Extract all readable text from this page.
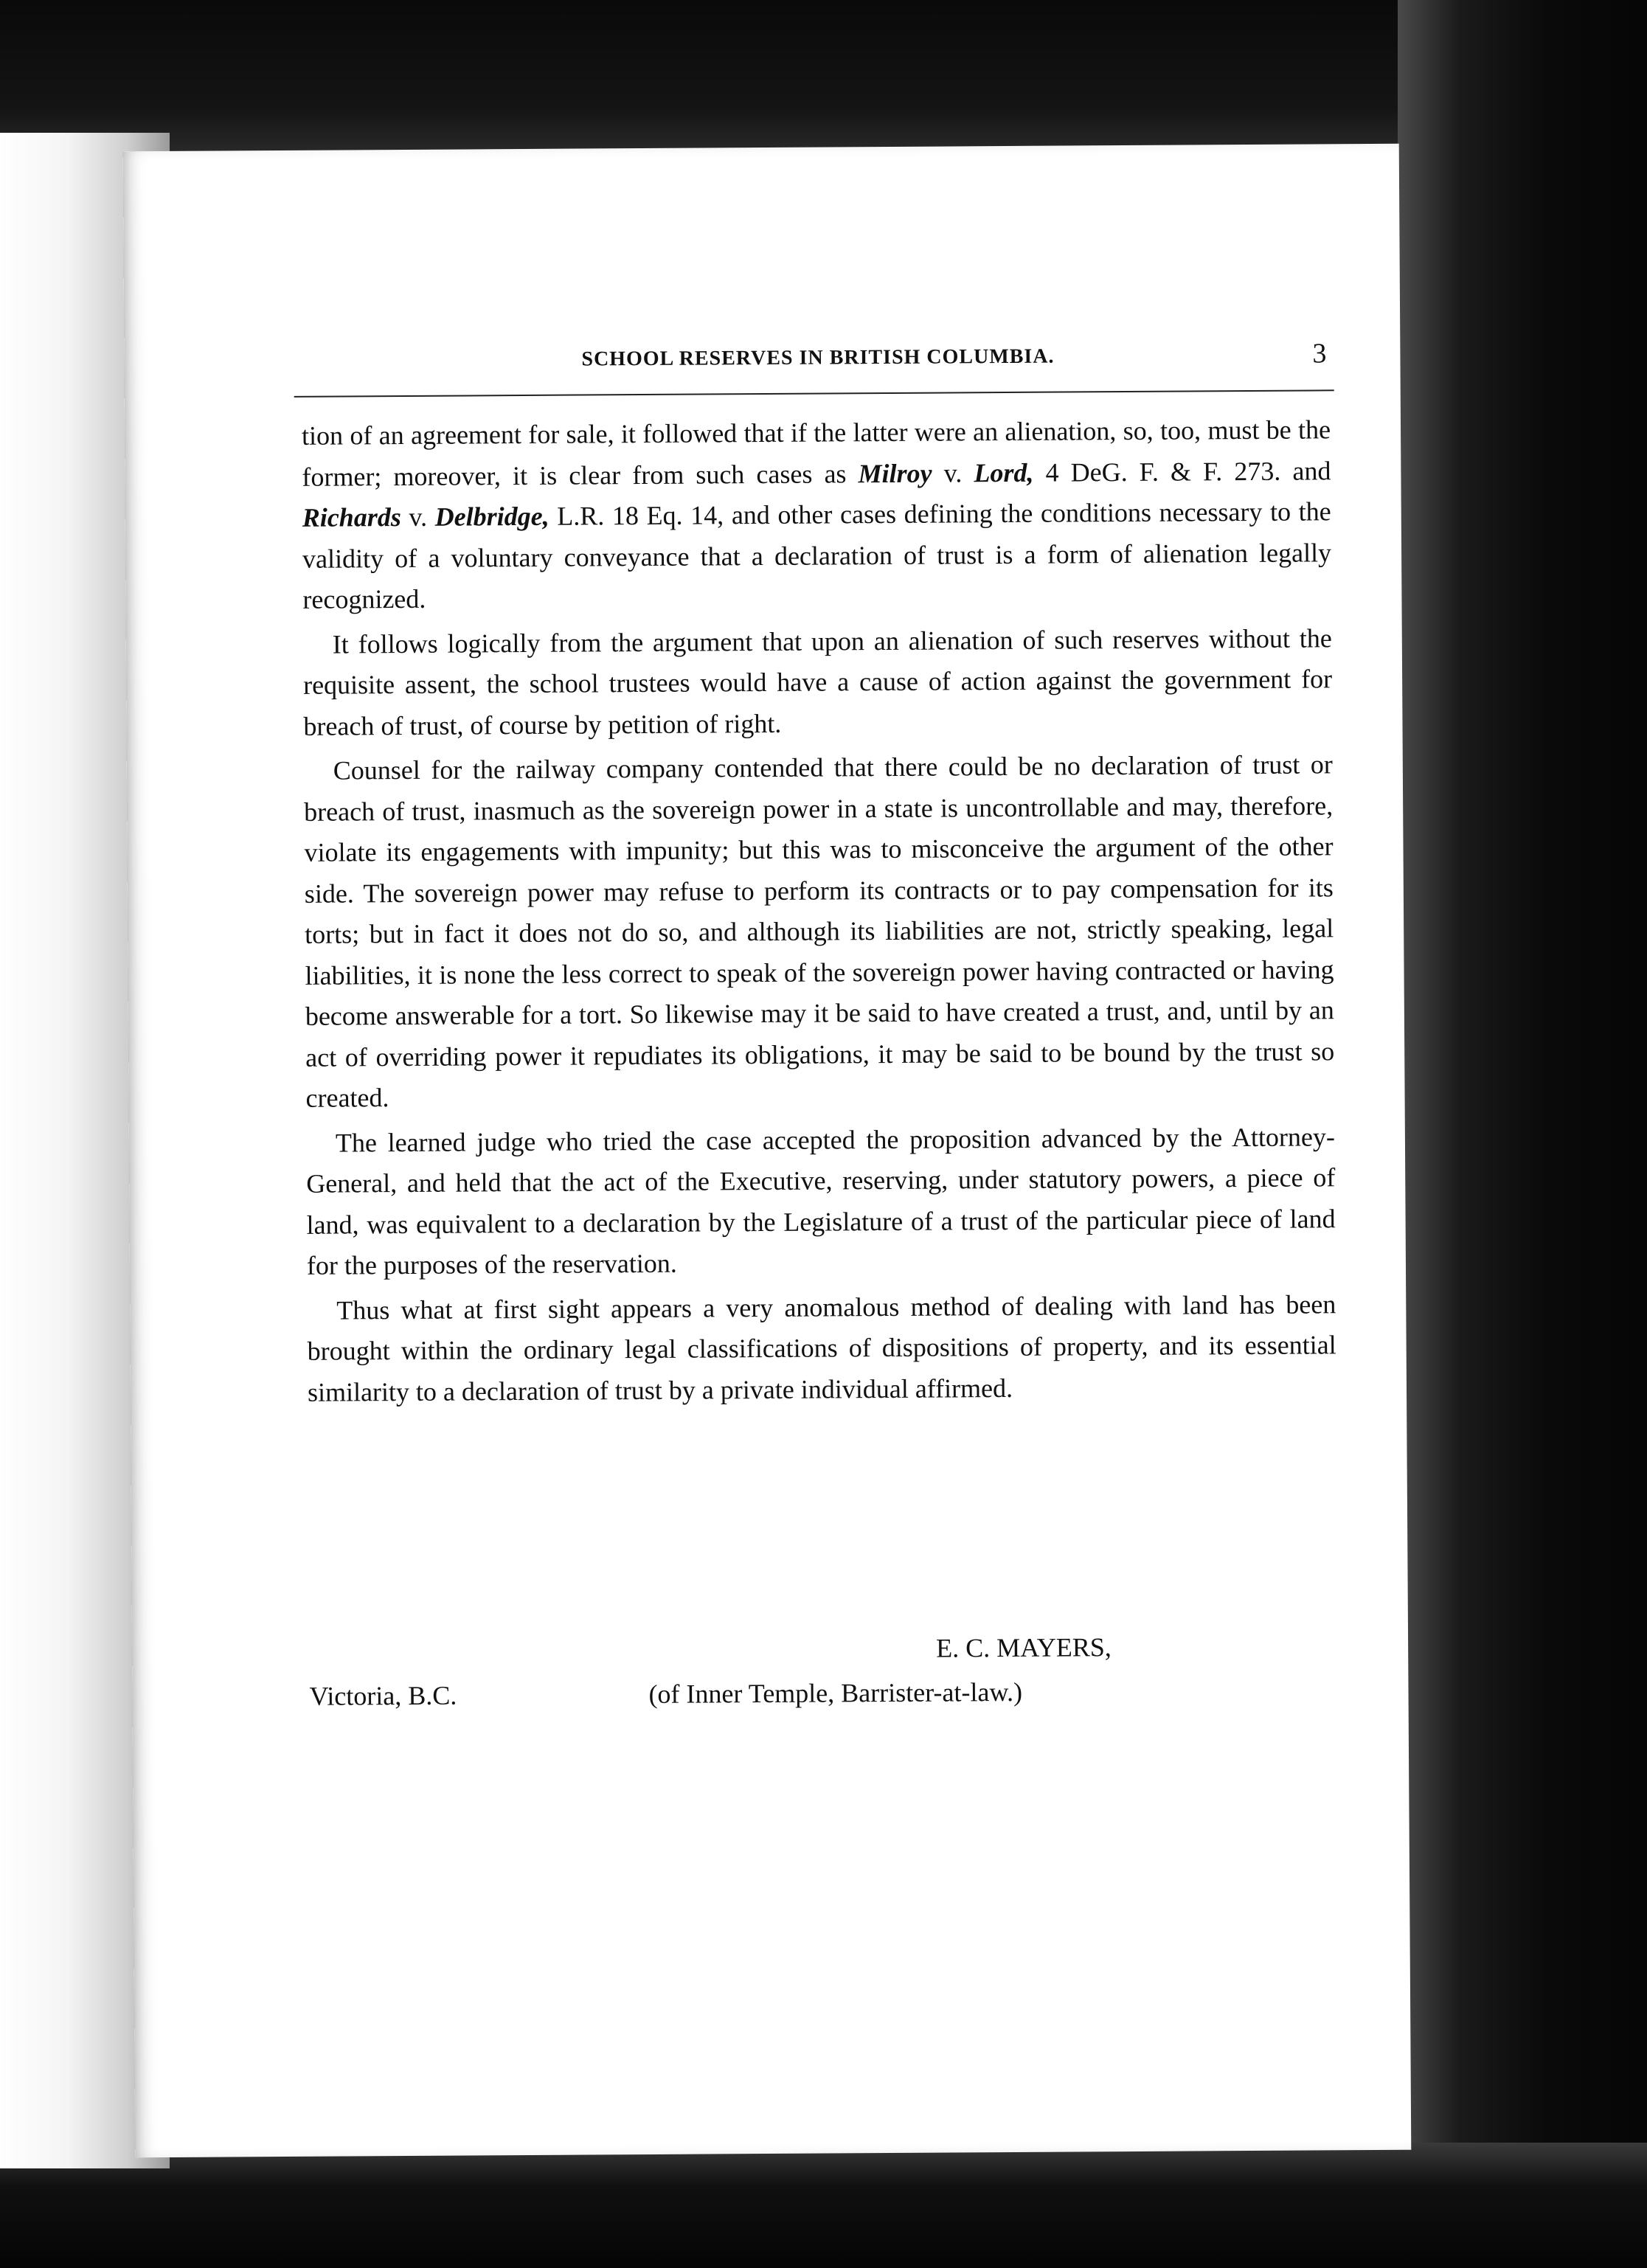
SCHOOL RESERVES IN BRITISH COLUMBIA.	3

tion of an agreement for sale, it followed that if the latter were an alienation, so, too, must be the former; moreover, it is clear from such cases as Milroy v. Lord, 4 DeG. F. & F. 273. and Richards v. Delbridge, L.R. 18 Eq. 14, and other cases defining the conditions necessary to the validity of a voluntary conveyance that a declaration of trust is a form of alienation legally recognized.

It follows logically from the argument that upon an alienation of such reserves without the requisite assent, the school trustees would have a cause of action against the government for breach of trust, of course by petition of right.

Counsel for the railway company contended that there could be no declaration of trust or breach of trust, inasmuch as the sovereign power in a state is uncontrollable and may, therefore, violate its engagements with impunity; but this was to misconceive the argument of the other side. The sovereign power may refuse to perform its contracts or to pay compensation for its torts; but in fact it does not do so, and although its liabilities are not, strictly speaking, legal liabilities, it is none the less correct to speak of the sovereign power having contracted or having become answerable for a tort. So likewise may it be said to have created a trust, and, until by an act of overriding power it repudiates its obligations, it may be said to be bound by the trust so created.

The learned judge who tried the case accepted the proposition advanced by the Attorney-General, and held that the act of the Executive, reserving, under statutory powers, a piece of land, was equivalent to a declaration by the Legislature of a trust of the particular piece of land for the purposes of the reservation.

Thus what at first sight appears a very anomalous method of dealing with land has been brought within the ordinary legal classifications of dispositions of property, and its essential similarity to a declaration of trust by a private individual affirmed.

E. C. MAYERS,
Victoria, B.C.	(of Inner Temple, Barrister-at-law.)
